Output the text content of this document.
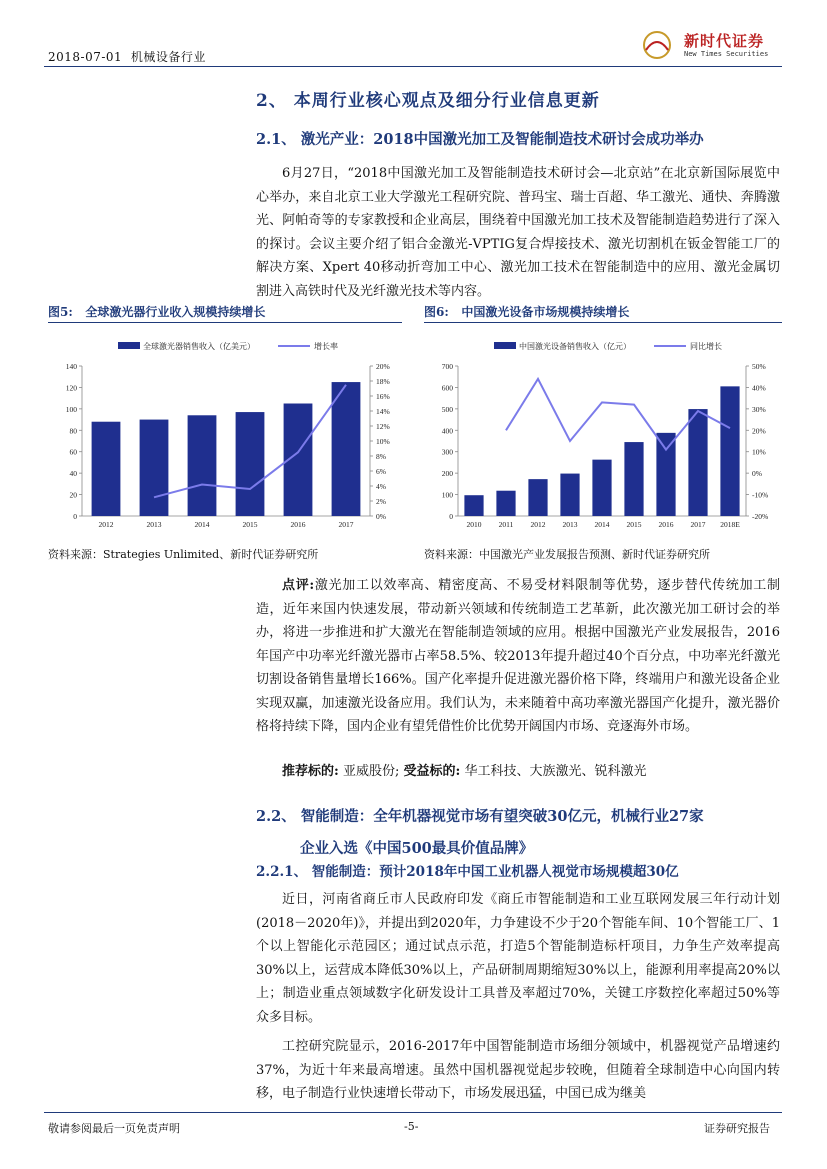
2018-07-01 机械设备行业
新时代证券
New Times Securities
2、 本周行业核心观点及细分行业信息更新
2.1、 激光产业：2018中国激光加工及智能制造技术研讨会成功举办

6月27日，“2018中国激光加工及智能制造技术研讨会—北京站”在北京新国际展览中心举办，来自北京工业大学激光工程研究院、普玛宝、瑞士百超、华工激光、通快、奔腾激光、阿帕奇等的专家教授和企业高层，围绕着中国激光加工技术及智能制造趋势进行了深入的探讨。会议主要介绍了铝合金激光-VPTIG复合焊接技术、激光切割机在钣金智能工厂的解决方案、Xpert 40移动折弯加工中心、激光加工技术在智能制造中的应用、激光金属切割进入高铁时代及光纤激光技术等内容。

图5: 全球激光器行业收入规模持续增长
全球激光器销售收入（亿美元）	增长率
0
20
40
60
80
100
120
140
0%
2%
4%
6%
8%
10%
12%
14%
16%
18%
20%
2012	2013	2014	2015	2016	2017
资料来源：Strategies Unlimited、新时代证券研究所
图6: 中国激光设备市场规模持续增长
中国激光设备销售收入（亿元）	同比增长
0
100
200
300
400
500
600
700
-20%
-10%
0%
10%
20%
30%
40%
50%
2010 2011 2012 2013 2014 2015 2016 2017 2018E
资料来源：中国激光产业发展报告预测、新时代证券研究所

点评:激光加工以效率高、精密度高、不易受材料限制等优势，逐步替代传统加工制造，近年来国内快速发展，带动新兴领域和传统制造工艺革新，此次激光加工研讨会的举办，将进一步推进和扩大激光在智能制造领域的应用。根据中国激光产业发展报告，2016年国产中功率光纤激光器市占率58.5%、较2013年提升超过40个百分点，中功率光纤激光切割设备销售量增长166%。国产化率提升促进激光器价格下降，终端用户和激光设备企业实现双赢，加速激光设备应用。我们认为，未来随着中高功率激光器国产化提升，激光器价格将持续下降，国内企业有望凭借性价比优势开阔国内市场、竞逐海外市场。

推荐标的: 亚威股份; 受益标的: 华工科技、大族激光、锐科激光

2.2、 智能制造：全年机器视觉市场有望突破30亿元，机械行业27家
企业入选《中国500最具价值品牌》
2.2.1、 智能制造：预计2018年中国工业机器人视觉市场规模超30亿

近日，河南省商丘市人民政府印发《商丘市智能制造和工业互联网发展三年行动计划(2018－2020年)》，并提出到2020年，力争建设不少于20个智能车间、10个智能工厂、1个以上智能化示范园区；通过试点示范，打造5个智能制造标杆项目，力争生产效率提高30%以上，运营成本降低30%以上，产品研制周期缩短30%以上，能源利用率提高20%以上；制造业重点领域数字化研发设计工具普及率超过70%，关键工序数控化率超过50%等众多目标。

工控研究院显示，2016-2017年中国智能制造市场细分领域中，机器视觉产品增速约37%，为近十年来最高增速。虽然中国机器视觉起步较晚，但随着全球制造中心向国内转移，电子制造行业快速增长带动下，市场发展迅猛，中国已成为继美

敬请参阅最后一页免责声明	-5-	证券研究报告
